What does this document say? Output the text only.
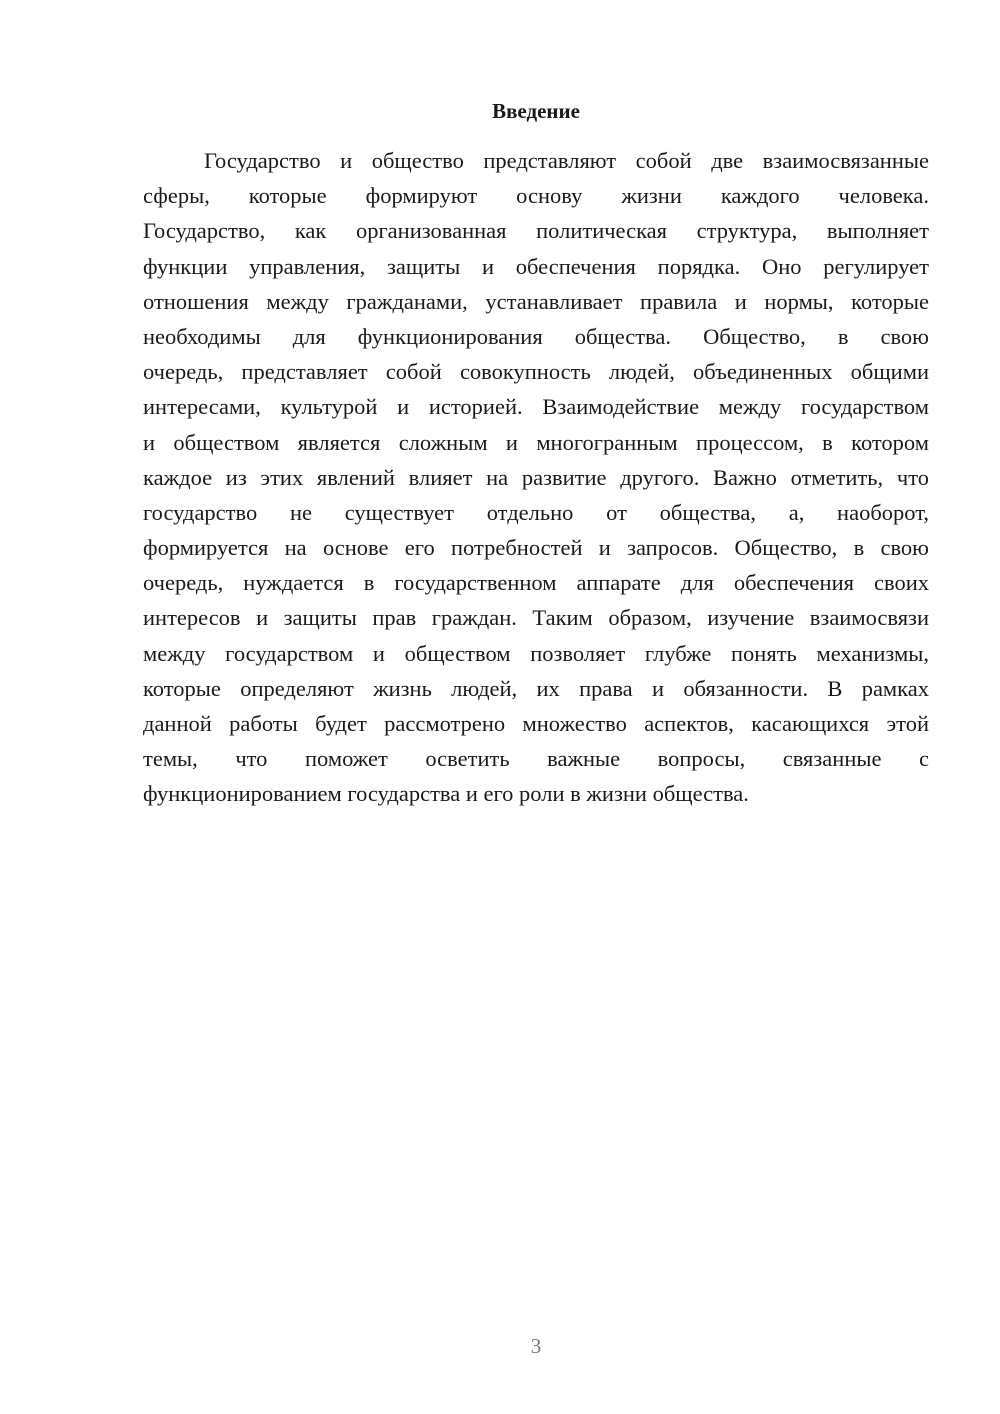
Введение
Государство и общество представляют собой две взаимосвязанные
сферы, которые формируют основу жизни каждого человека.
Государство, как организованная политическая структура, выполняет
функции управления, защиты и обеспечения порядка. Оно регулирует
отношения между гражданами, устанавливает правила и нормы, которые
необходимы для функционирования общества. Общество, в свою
очередь, представляет собой совокупность людей, объединенных общими
интересами, культурой и историей. Взаимодействие между государством
и обществом является сложным и многогранным процессом, в котором
каждое из этих явлений влияет на развитие другого. Важно отметить, что
государство не существует отдельно от общества, а, наоборот,
формируется на основе его потребностей и запросов. Общество, в свою
очередь, нуждается в государственном аппарате для обеспечения своих
интересов и защиты прав граждан. Таким образом, изучение взаимосвязи
между государством и обществом позволяет глубже понять механизмы,
которые определяют жизнь людей, их права и обязанности. В рамках
данной работы будет рассмотрено множество аспектов, касающихся этой
темы, что поможет осветить важные вопросы, связанные с
функционированием государства и его роли в жизни общества.
3
